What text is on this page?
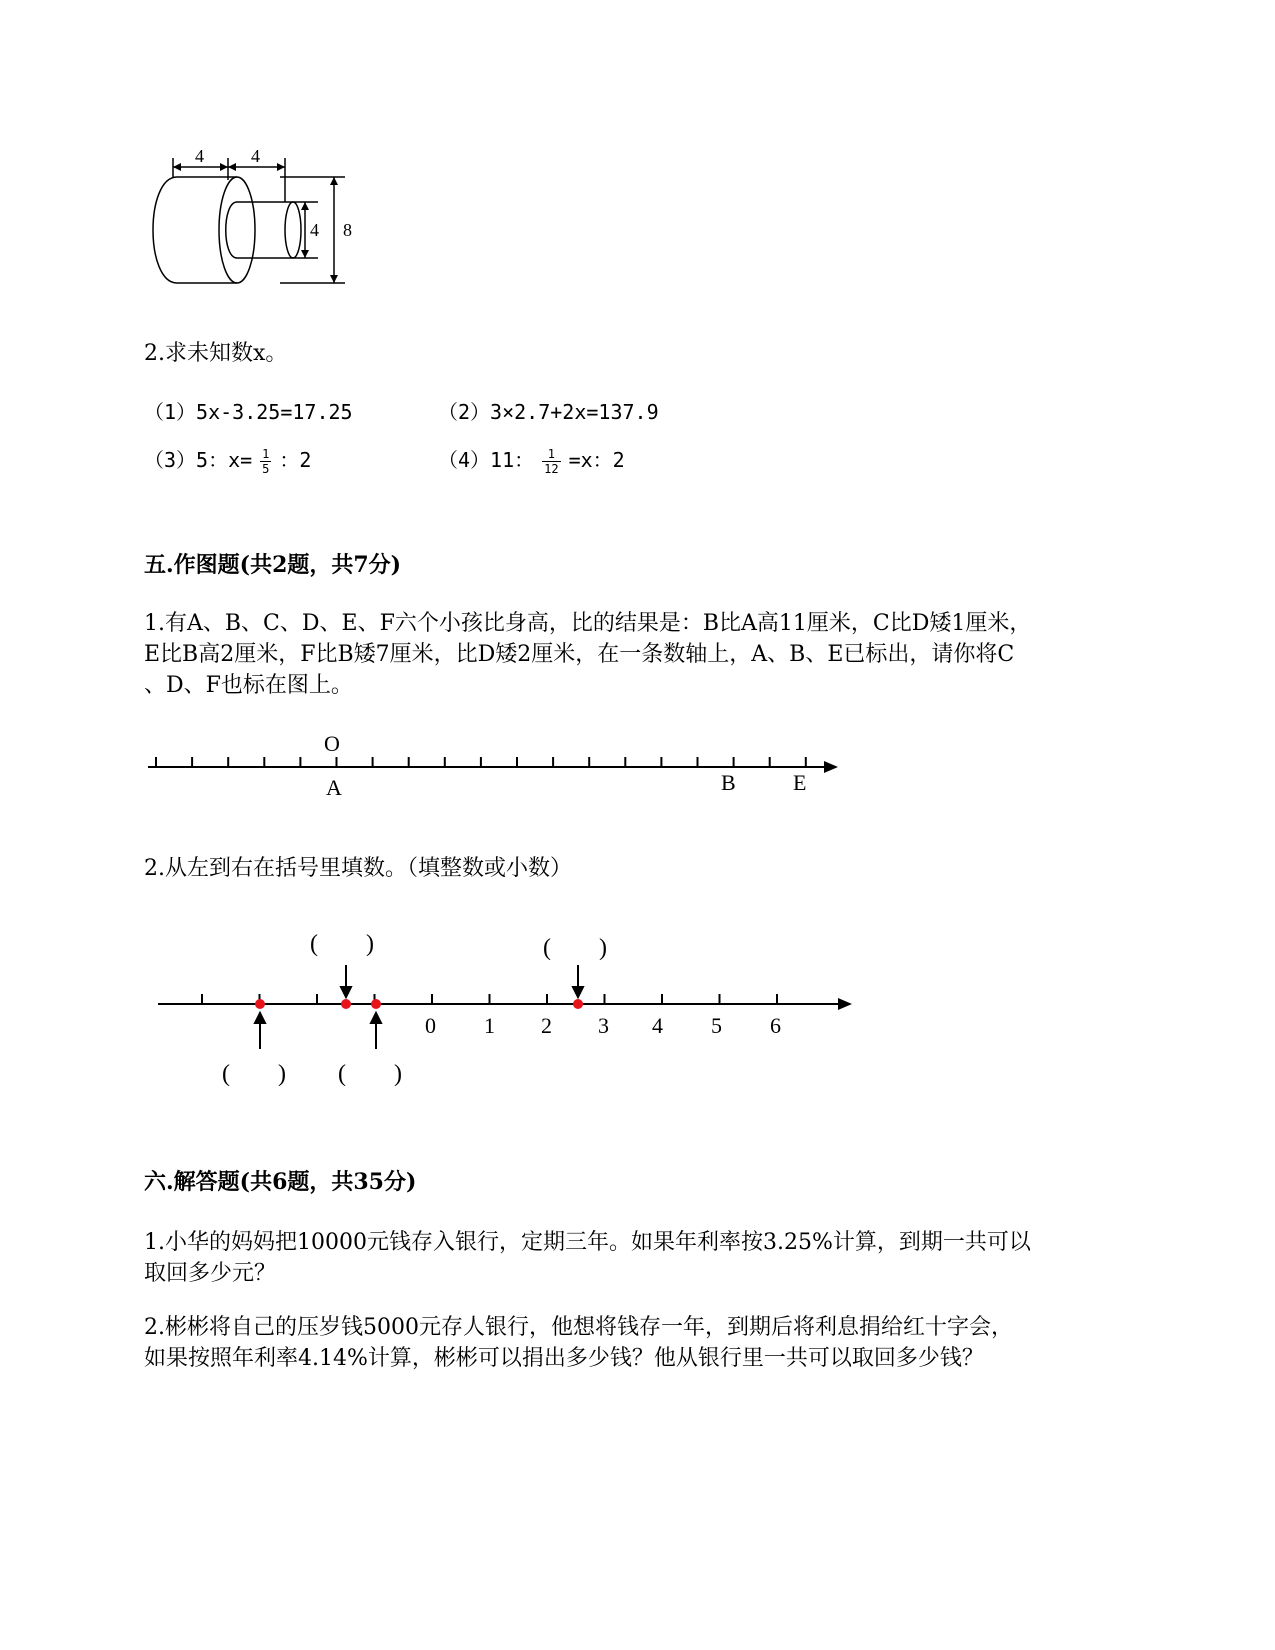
4	4
4 8
2.求未知数x。
（1）5x-3.25=17.25	（2）3×2.7+2x=137.9
（3）5：$x= \frac{1}{5}$ ：2	（4）11： $\frac{1}{12} =x$：2
五.作图题(共2题，共7分)
1.有A、B、C、D、E、F六个小孩比身高，比的结果是：B比A高11厘米，C比D矮1厘米，
E比B高2厘米，F比B矮7厘米，比D矮2厘米，在一条数轴上，A、B、E已标出，请你将C
、D、F也标在图上。
O
A	B	E
2.从左到右在括号里填数。（填整数或小数）
0 1 2 3 4 5 6
(　　)	(　　)
(　　) (　　)
六.解答题(共6题，共35分)
1.小华的妈妈把10000元钱存入银行，定期三年。如果年利率按3.25%计算，到期一共可以
取回多少元？
2.彬彬将自己的压岁钱5000元存人银行，他想将钱存一年，到期后将利息捐给红十字会，
如果按照年利率4.14%计算，彬彬可以捐出多少钱？他从银行里一共可以取回多少钱？
